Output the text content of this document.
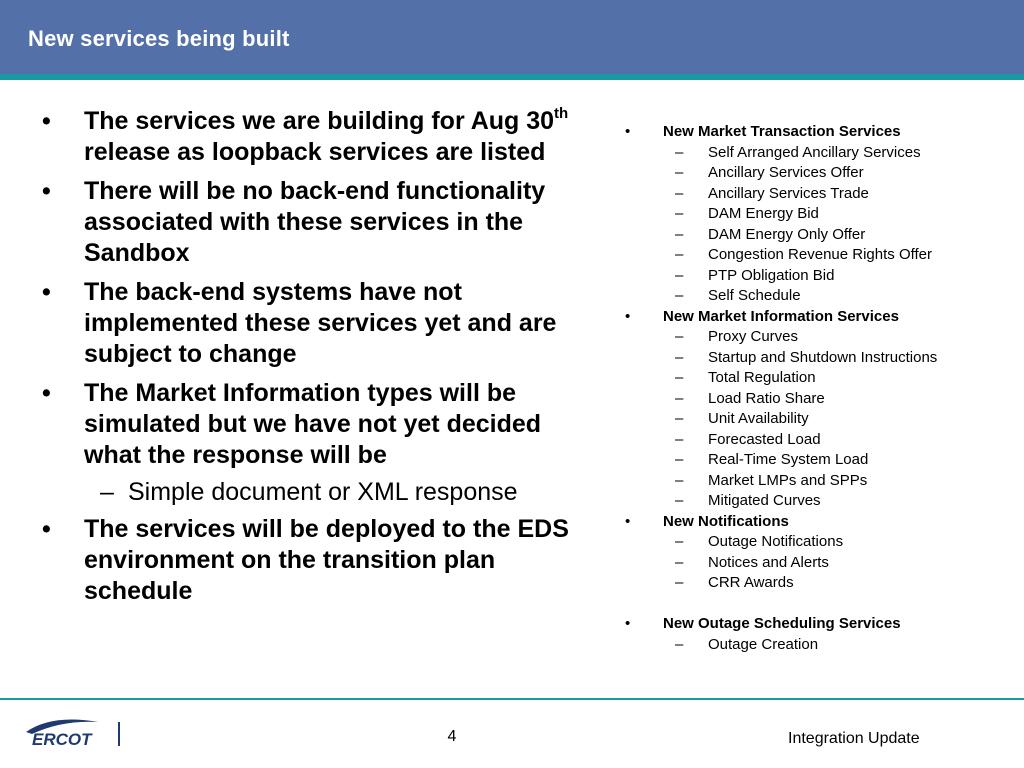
New services being built
• The services we are building for Aug 30th release as loopback services are listed
• There will be no back-end functionality associated with these services in the Sandbox
• The back-end systems have not implemented these services yet and are subject to change
• The Market Information types will be simulated but we have not yet decided what the response will be
– Simple document or XML response
• The services will be deployed to the EDS environment on the transition plan schedule
• New Market Transaction Services
– Self Arranged Ancillary Services
– Ancillary Services Offer
– Ancillary Services Trade
– DAM Energy Bid
– DAM Energy Only Offer
– Congestion Revenue Rights Offer
– PTP Obligation Bid
– Self Schedule
• New Market Information Services
– Proxy Curves
– Startup and Shutdown Instructions
– Total Regulation
– Load Ratio Share
– Unit Availability
– Forecasted Load
– Real-Time System Load
– Market LMPs and SPPs
– Mitigated Curves
• New Notifications
– Outage Notifications
– Notices and Alerts
– CRR Awards
• New Outage Scheduling Services
– Outage Creation
ERCOT	4	Integration Update
